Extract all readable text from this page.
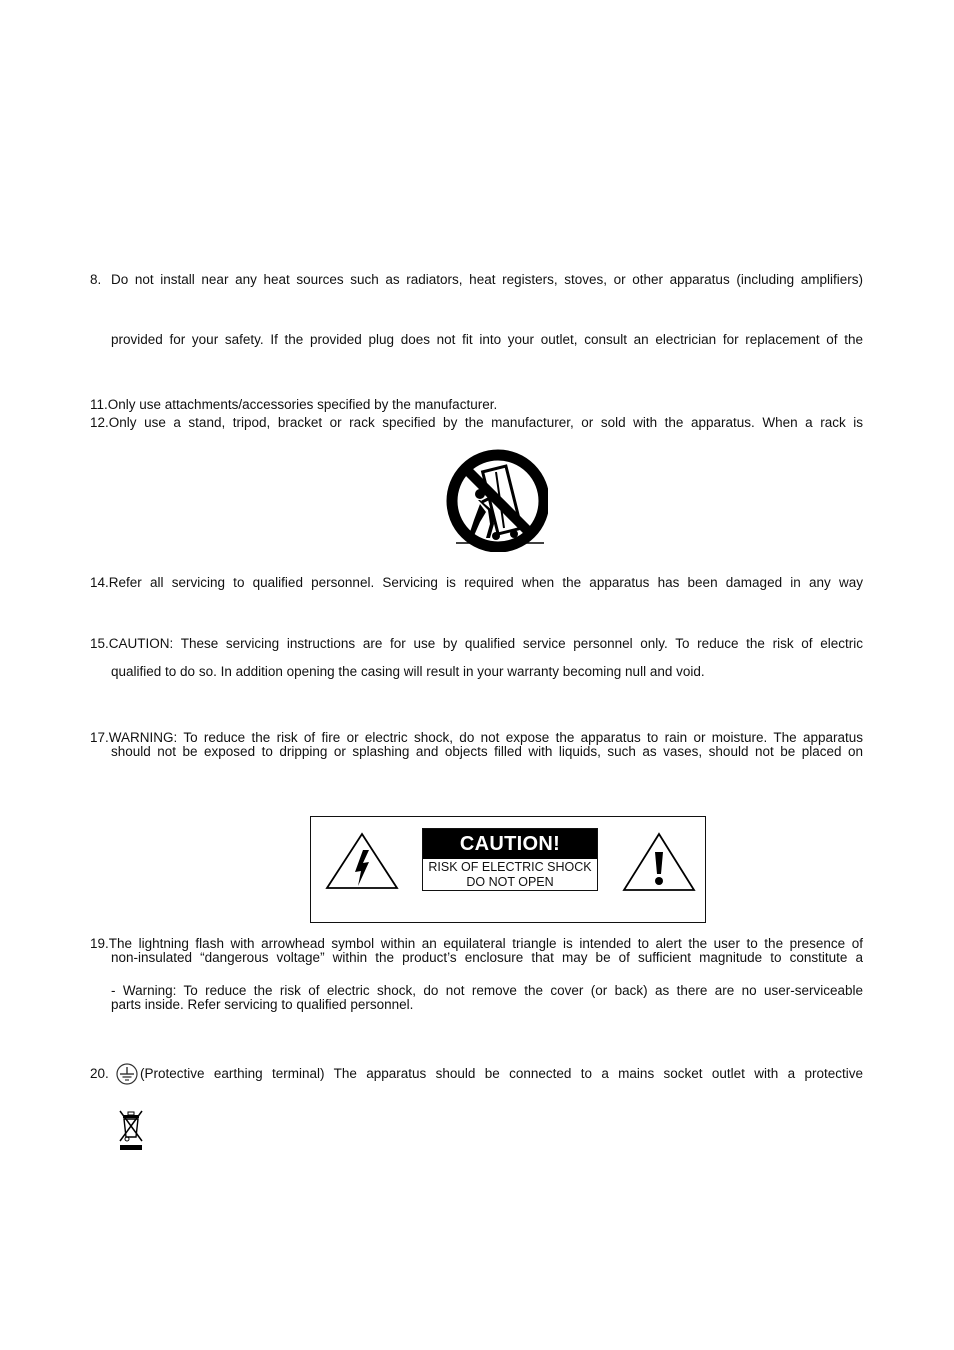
8. Do not install near any heat sources such as radiators, heat registers, stoves, or other apparatus (including amplifiers)
provided for your safety. If the provided plug does not fit into your outlet, consult an electrician for replacement of the
11.Only use attachments/accessories specified by the manufacturer.
12.Only use a stand, tripod, bracket or rack specified by the manufacturer, or sold with the apparatus. When a rack is
14.Refer all servicing to qualified personnel. Servicing is required when the apparatus has been damaged in any way
15.CAUTION: These servicing instructions are for use by qualified service personnel only. To reduce the risk of electric
qualified to do so. In addition opening the casing will result in your warranty becoming null and void.
17.WARNING: To reduce the risk of fire or electric shock, do not expose the apparatus to rain or moisture. The apparatus
should not be exposed to dripping or splashing and objects filled with liquids, such as vases, should not be placed on
CAUTION!
RISK OF ELECTRIC SHOCK
DO NOT OPEN
19.The lightning flash with arrowhead symbol within an equilateral triangle is intended to alert the user to the presence of
non-insulated “dangerous voltage” within the product’s enclosure that may be of sufficient magnitude to constitute a
- Warning: To reduce the risk of electric shock, do not remove the cover (or back) as there are no user-serviceable
parts inside. Refer servicing to qualified personnel.
20. (Protective earthing terminal) The apparatus should be connected to a mains socket outlet with a protective
